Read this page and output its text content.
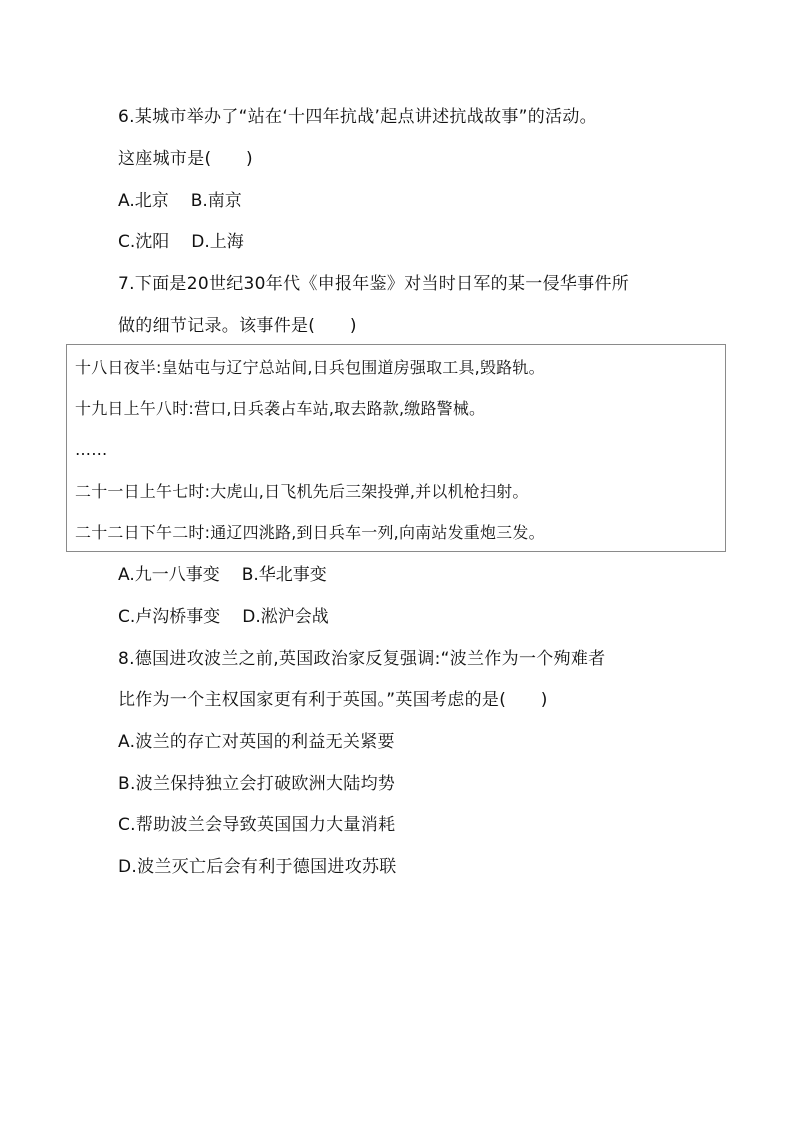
6.某城市举办了“站在‘十四年抗战’起点讲述抗战故事”的活动。
这座城市是(　　)
A.北京 B.南京
C.沈阳 D.上海
7.下面是20世纪30年代《申报年鉴》对当时日军的某一侵华事件所
做的细节记录。该事件是(　　)
十八日夜半:皇姑屯与辽宁总站间,日兵包围道房强取工具,毁路轨。
十九日上午八时:营口,日兵袭占车站,取去路款,缴路警械。
……
二十一日上午七时:大虎山,日飞机先后三架投弹,并以机枪扫射。
二十二日下午二时:通辽四洮路,到日兵车一列,向南站发重炮三发。
A.九一八事变 B.华北事变
C.卢沟桥事变 D.淞沪会战
8.德国进攻波兰之前,英国政治家反复强调:“波兰作为一个殉难者
比作为一个主权国家更有利于英国。”英国考虑的是(　　)
A.波兰的存亡对英国的利益无关紧要
B.波兰保持独立会打破欧洲大陆均势
C.帮助波兰会导致英国国力大量消耗
D.波兰灭亡后会有利于德国进攻苏联
